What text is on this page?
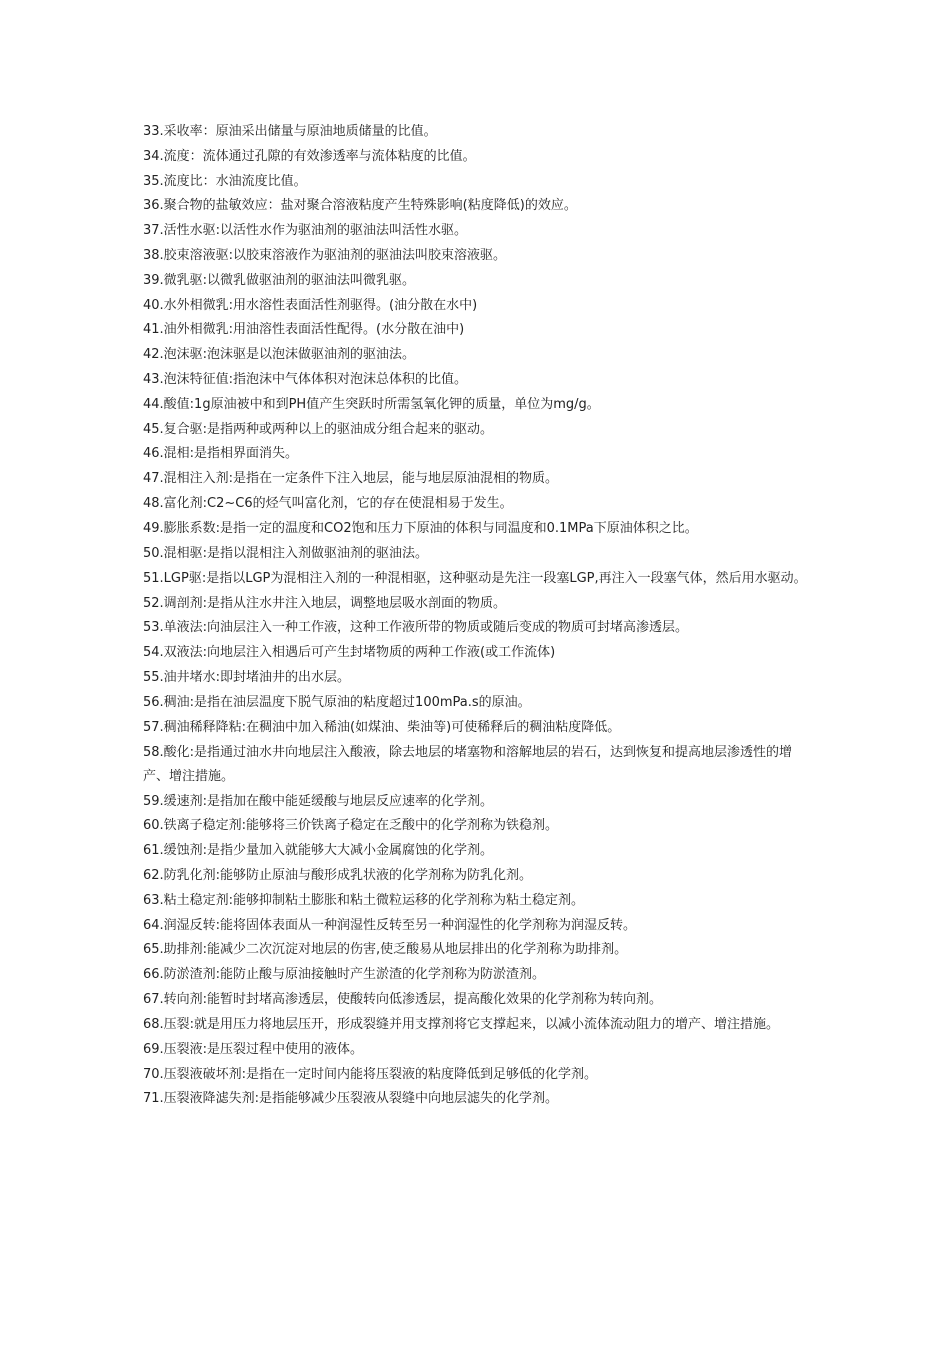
33.采收率：原油采出储量与原油地质储量的比值。

34.流度：流体通过孔隙的有效渗透率与流体粘度的比值。

35.流度比：水油流度比值。

36.聚合物的盐敏效应：盐对聚合溶液粘度产生特殊影响(粘度降低)的效应。

37.活性水驱:以活性水作为驱油剂的驱油法叫活性水驱。

38.胶束溶液驱:以胶束溶液作为驱油剂的驱油法叫胶束溶液驱。

39.微乳驱:以微乳做驱油剂的驱油法叫微乳驱。

40.水外相微乳:用水溶性表面活性剂驱得。(油分散在水中)

41.油外相微乳:用油溶性表面活性配得。(水分散在油中)

42.泡沫驱:泡沫驱是以泡沫做驱油剂的驱油法。

43.泡沫特征值:指泡沫中气体体积对泡沫总体积的比值。

44.酸值:1g原油被中和到PH值产生突跃时所需氢氧化钾的质量，单位为mg/g。

45.复合驱:是指两种或两种以上的驱油成分组合起来的驱动。

46.混相:是指相界面消失。

47.混相注入剂:是指在一定条件下注入地层，能与地层原油混相的物质。

48.富化剂:C2~C6的烃气叫富化剂，它的存在使混相易于发生。

49.膨胀系数:是指一定的温度和CO2饱和压力下原油的体积与同温度和0.1MPa下原油体积之比。

50.混相驱:是指以混相注入剂做驱油剂的驱油法。

51.LGP驱:是指以LGP为混相注入剂的一种混相驱，这种驱动是先注一段塞LGP,再注入一段塞气体，然后用水驱动。

52.调剖剂:是指从注水井注入地层，调整地层吸水剖面的物质。

53.单液法:向油层注入一种工作液，这种工作液所带的物质或随后变成的物质可封堵高渗透层。

54.双液法:向地层注入相遇后可产生封堵物质的两种工作液(或工作流体)

55.油井堵水:即封堵油井的出水层。

56.稠油:是指在油层温度下脱气原油的粘度超过100mPa.s的原油。

57.稠油稀释降粘:在稠油中加入稀油(如煤油、柴油等)可使稀释后的稠油粘度降低。

58.酸化:是指通过油水井向地层注入酸液，除去地层的堵塞物和溶解地层的岩石，达到恢复和提高地层渗透性的增产、增注措施。

59.缓速剂:是指加在酸中能延缓酸与地层反应速率的化学剂。

60.铁离子稳定剂:能够将三价铁离子稳定在乏酸中的化学剂称为铁稳剂。

61.缓蚀剂:是指少量加入就能够大大减小金属腐蚀的化学剂。

62.防乳化剂:能够防止原油与酸形成乳状液的化学剂称为防乳化剂。

63.粘土稳定剂:能够抑制粘土膨胀和粘土微粒运移的化学剂称为粘土稳定剂。

64.润湿反转:能将固体表面从一种润湿性反转至另一种润湿性的化学剂称为润湿反转。

65.助排剂:能减少二次沉淀对地层的伤害,使乏酸易从地层排出的化学剂称为助排剂。

66.防淤渣剂:能防止酸与原油接触时产生淤渣的化学剂称为防淤渣剂。

67.转向剂:能暂时封堵高渗透层，使酸转向低渗透层，提高酸化效果的化学剂称为转向剂。

68.压裂:就是用压力将地层压开，形成裂缝并用支撑剂将它支撑起来，以减小流体流动阻力的增产、增注措施。

69.压裂液:是压裂过程中使用的液体。

70.压裂液破坏剂:是指在一定时间内能将压裂液的粘度降低到足够低的化学剂。

71.压裂液降滤失剂:是指能够减少压裂液从裂缝中向地层滤失的化学剂。
